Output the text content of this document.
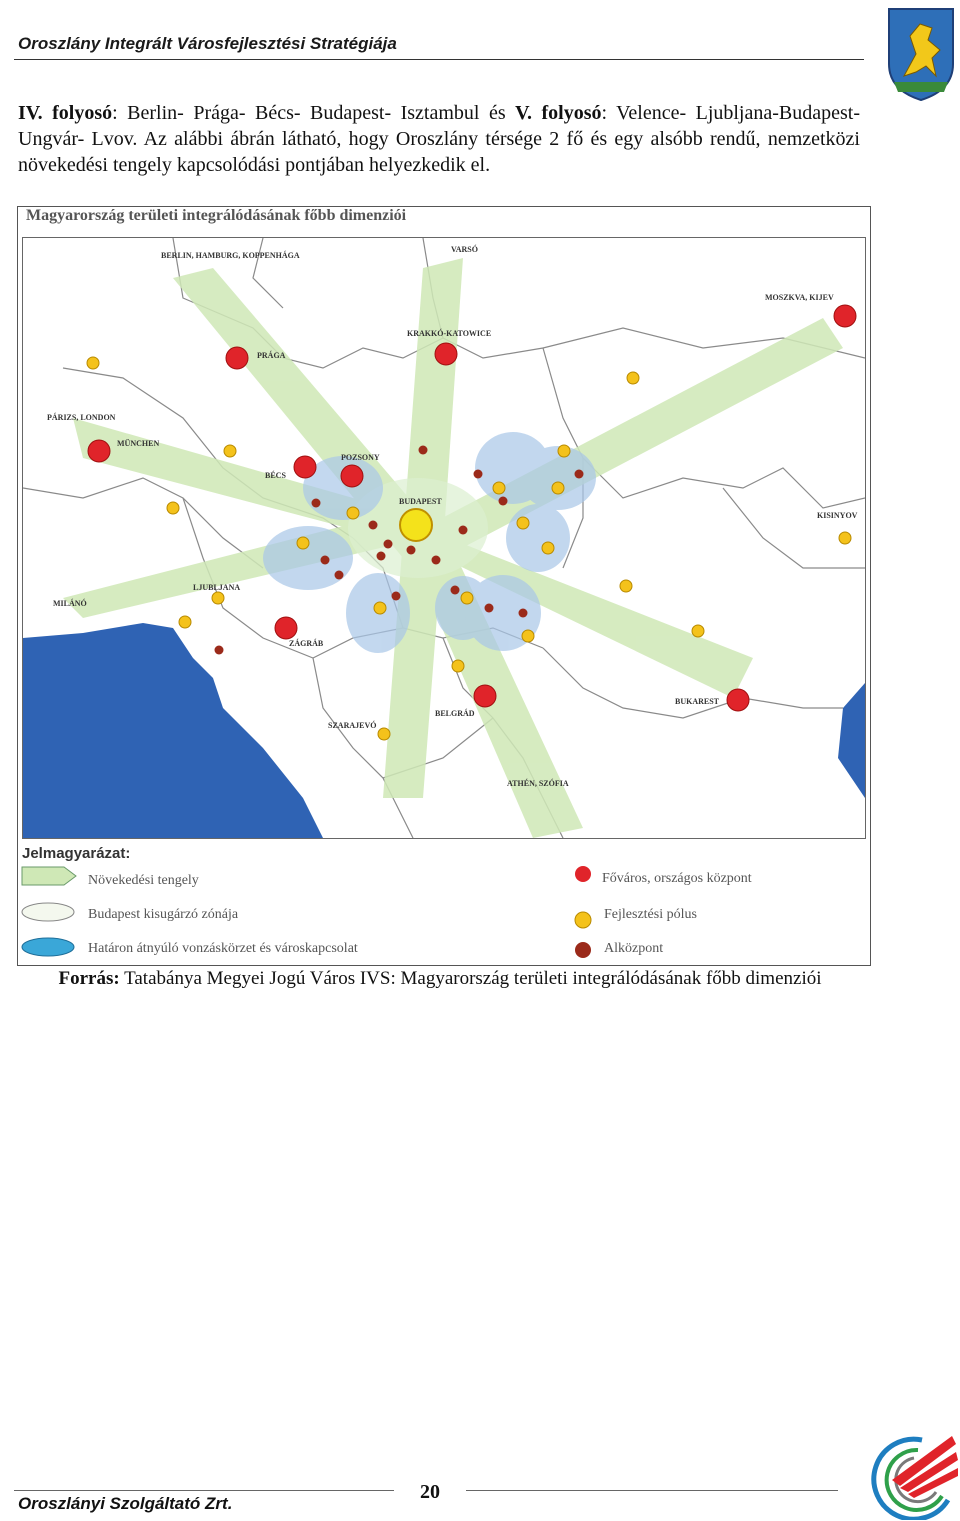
Oroszlány Integrált Városfejlesztési Stratégiája
IV. folyosó: Berlin- Prága- Bécs- Budapest- Isztambul és V. folyosó: Velence- Ljubljana-Budapest- Ungvár- Lvov. Az alábbi ábrán látható, hogy Oroszlány térsége 2 fő és egy alsóbb rendű, nemzetközi növekedési tengely kapcsolódási pontjában helyezkedik el.
Magyarország területi integrálódásának főbb dimenziói
BERLIN, HAMBURG, KOPPENHÁGA
VARSÓ
MOSZKVA, KIJEV
KRAKKÓ-KATOWICE
PRÁGA
PÁRIZS, LONDON
MÜNCHEN
BÉCS
POZSONY
BUDAPEST
KISINYOV
LJUBLJANA
MILÁNÓ
ZÁGRÁB
BUKAREST
SZARAJEVÓ
BELGRÁD
ATHÉN, SZÓFIA
Jelmagyarázat:
Növekedési tengely
Budapest kisugárzó zónája
Határon átnyúló vonzáskörzet és városkapcsolat
Főváros, országos központ
Fejlesztési pólus
Alközpont
Forrás: Tatabánya Megyei Jogú Város IVS: Magyarország területi integrálódásának főbb dimenziói
20
Oroszlányi Szolgáltató Zrt.
